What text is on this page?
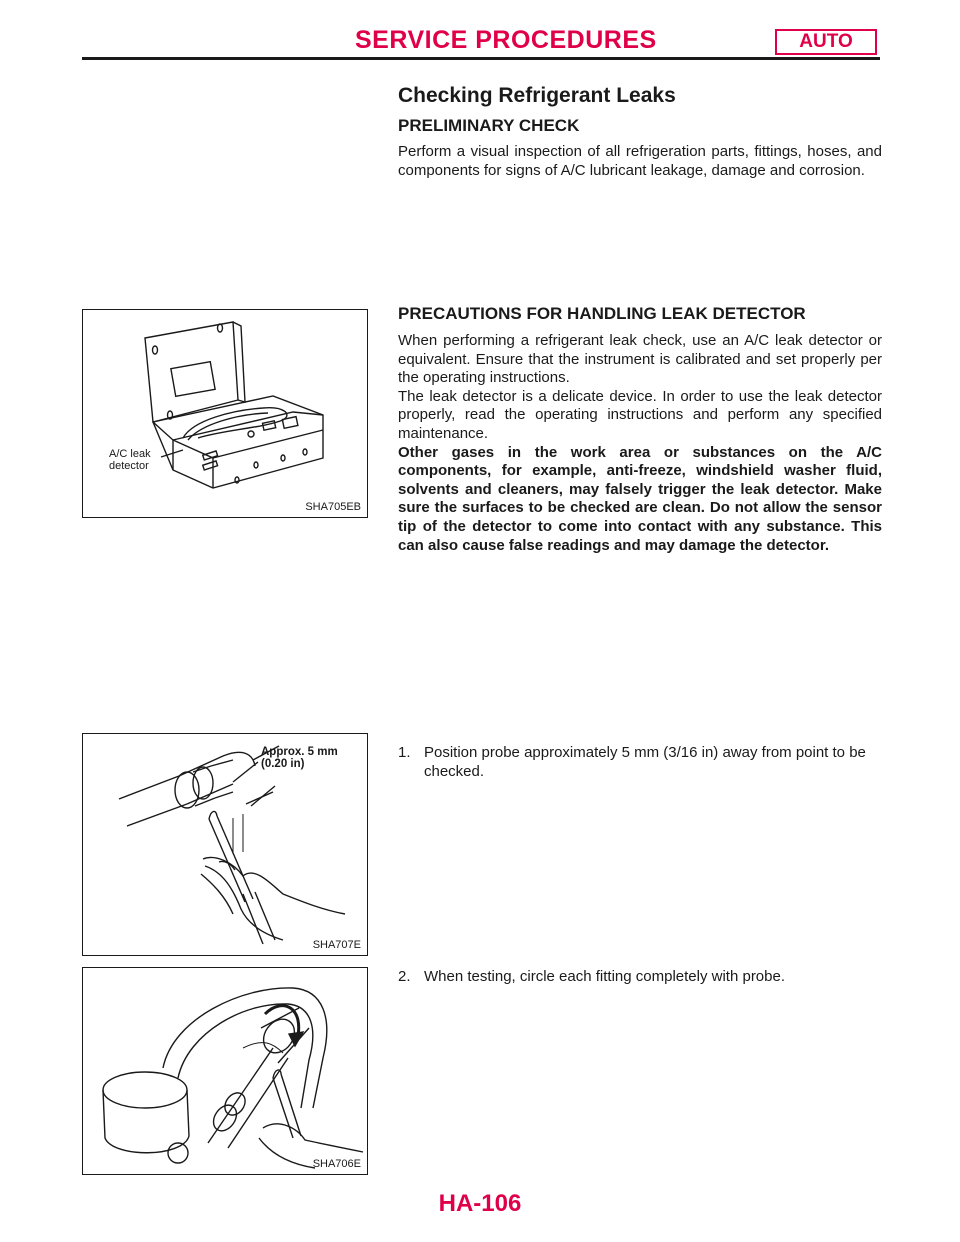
SERVICE PROCEDURES	AUTO
Checking Refrigerant Leaks
PRELIMINARY CHECK

Perform a visual inspection of all refrigeration parts, fittings, hoses, and components for signs of A/C lubricant leakage, damage and corrosion.

PRECAUTIONS FOR HANDLING LEAK DETECTOR

When performing a refrigerant leak check, use an A/C leak detector or equivalent. Ensure that the instrument is calibrated and set properly per the operating instructions.

The leak detector is a delicate device. In order to use the leak detector properly, read the operating instructions and perform any specified maintenance.

Other gases in the work area or substances on the A/C components, for example, anti-freeze, windshield washer fluid, solvents and cleaners, may falsely trigger the leak detector. Make sure the surfaces to be checked are clean. Do not allow the sensor tip of the detector to come into contact with any substance. This can also cause false readings and may damage the detector.

1. Position probe approximately 5 mm (3/16 in) away from point to be checked.
2. When testing, circle each fitting completely with probe.
A/C leak detector
SHA705EB
Approx. 5 mm (0.20 in)
SHA707E
SHA706E
HA-106
